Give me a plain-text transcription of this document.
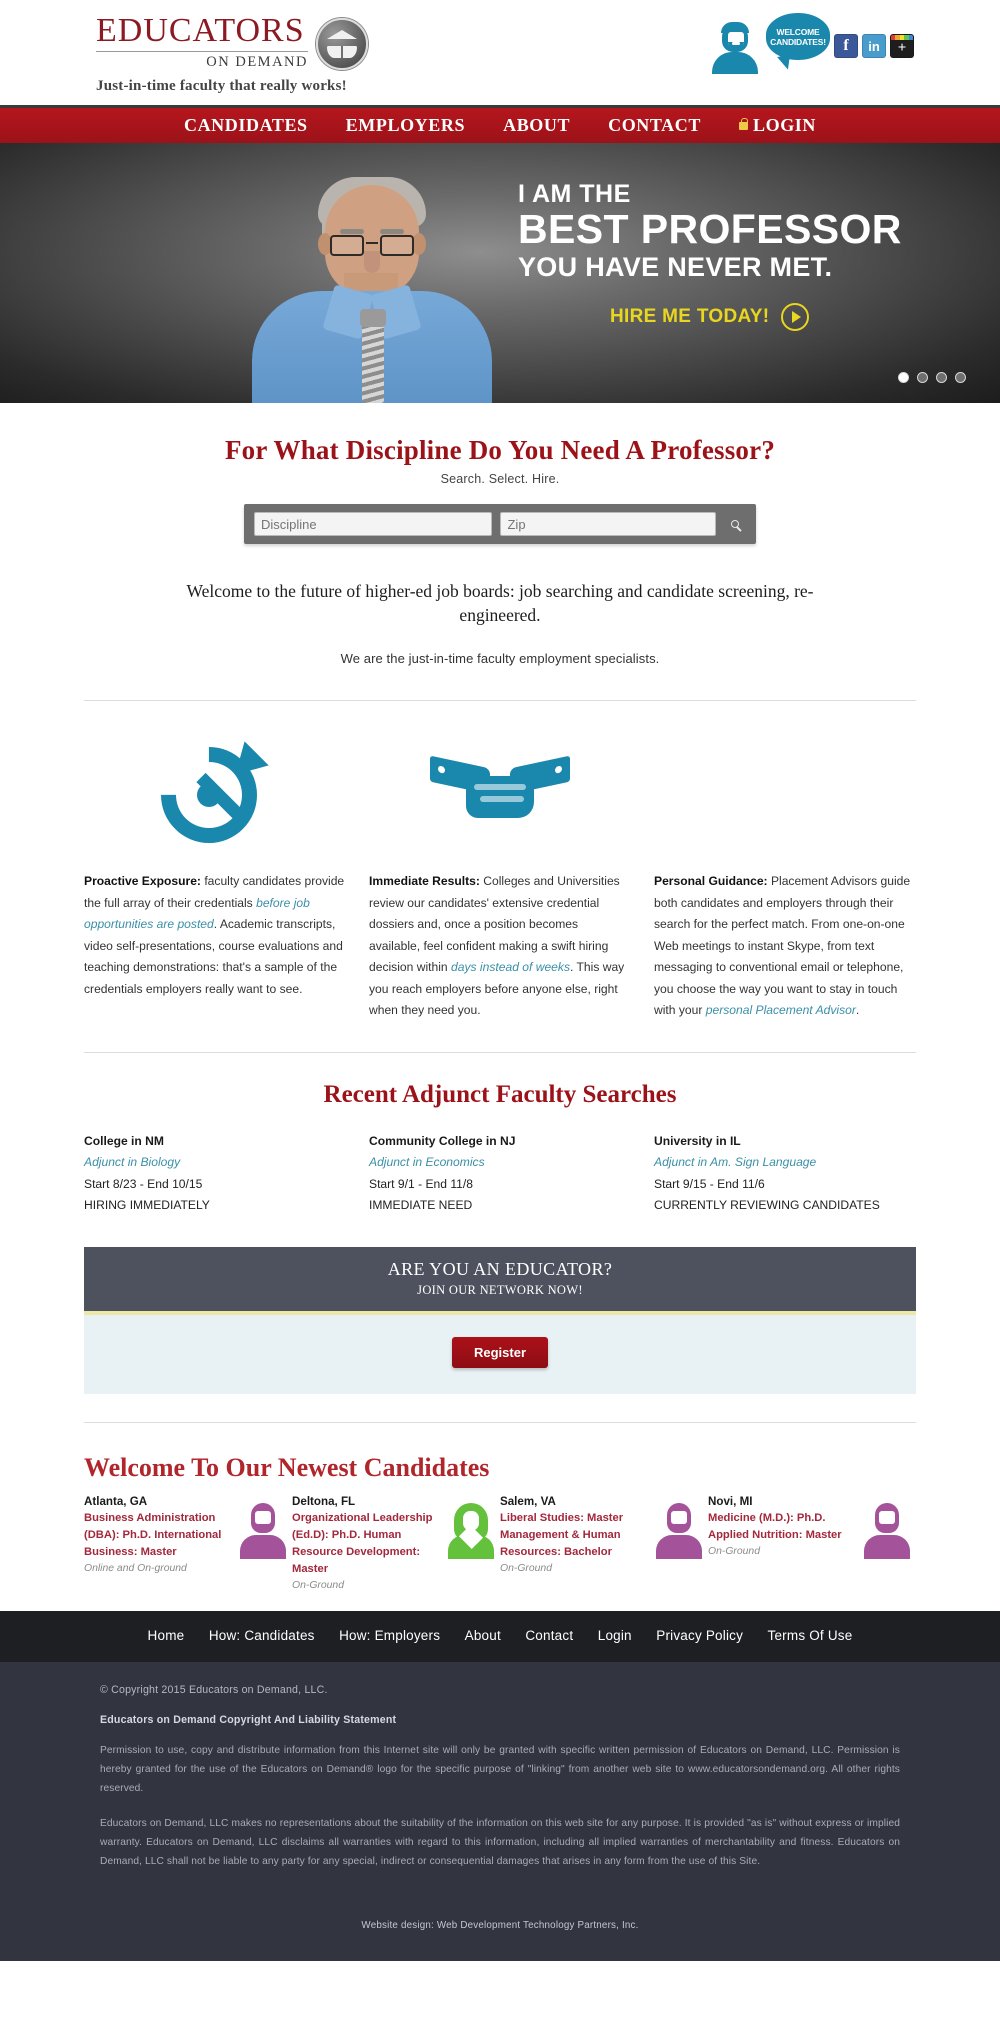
EDUCATORS
ON DEMAND
Just-in-time faculty that really works!
WELCOME
CANDIDATES! f in +
CANDIDATES EMPLOYERS ABOUT CONTACT	LOGIN
I AM THE
BEST PROFESSOR
YOU HAVE NEVER MET.
HIRE ME TODAY!
For What Discipline Do You Need A Professor?
Search. Select. Hire.
Discipline
Zip

Welcome to the future of higher-ed job boards: job searching and candidate screening, re-engineered.

We are the just-in-time faculty employment specialists.

Proactive Exposure: faculty candidates provide the full array of their credentials before job opportunities are posted. Academic transcripts, video self-presentations, course evaluations and teaching demonstrations: that's a sample of the credentials employers really want to see.

Immediate Results: Colleges and Universities review our candidates' extensive credential dossiers and, once a position becomes available, feel confident making a swift hiring decision within days instead of weeks. This way you reach employers before anyone else, right when they need you.

Personal Guidance: Placement Advisors guide both candidates and employers through their search for the perfect match. From one-on-one Web meetings to instant Skype, from text messaging to conventional email or telephone, you choose the way you want to stay in touch with your personal Placement Advisor.

Recent Adjunct Faculty Searches
College in NM
Adjunct in Biology
Start 8/23 - End 10/15
HIRING IMMEDIATELY
Community College in NJ
Adjunct in Economics
Start 9/1 - End 11/8
IMMEDIATE NEED
University in IL
Adjunct in Am. Sign Language
Start 9/15 - End 11/6
CURRENTLY REVIEWING CANDIDATES
ARE YOU AN EDUCATOR?
JOIN OUR NETWORK NOW!
Register
Welcome To Our Newest Candidates
Atlanta, GA
Business Administration (DBA): Ph.D. International Business: Master
Online and On-ground
Deltona, FL
Organizational Leadership (Ed.D): Ph.D. Human Resource Development: Master
On-Ground
Salem, VA
Liberal Studies: Master Management & Human Resources: Bachelor
On-Ground
Novi, MI
Medicine (M.D.): Ph.D. Applied Nutrition: Master
On-Ground
Home How: Candidates How: Employers About Contact Login Privacy Policy Terms Of Use
© Copyright 2015 Educators on Demand, LLC.
Educators on Demand Copyright And Liability Statement

Permission to use, copy and distribute information from this Internet site will only be granted with specific written permission of Educators on Demand, LLC. Permission is hereby granted for the use of the Educators on Demand® logo for the specific purpose of "linking" from another web site to www.educatorsondemand.org. All other rights reserved.

Educators on Demand, LLC makes no representations about the suitability of the information on this web site for any purpose. It is provided "as is" without express or implied warranty. Educators on Demand, LLC disclaims all warranties with regard to this information, including all implied warranties of merchantability and fitness. Educators on Demand, LLC shall not be liable to any party for any special, indirect or consequential damages that arises in any form from the use of this Site.

Website design: Web Development Technology Partners, Inc.
